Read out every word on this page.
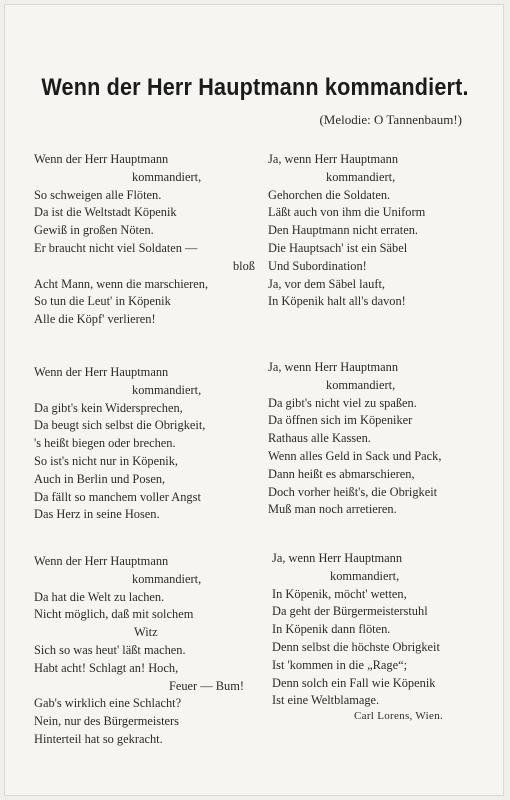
Wenn der Herr Hauptmann kommandiert.
(Melodie: O Tannenbaum!)
Wenn der Herr Hauptmann
kommandiert,
So schweigen alle Flöten.
Da ist die Weltstadt Köpenik
Gewiß in großen Nöten.
Er braucht nicht viel Soldaten —
bloß
Acht Mann, wenn die marschieren,
So tun die Leut' in Köpenik
Alle die Köpf' verlieren!
Ja, wenn Herr Hauptmann
kommandiert,
Gehorchen die Soldaten.
Läßt auch von ihm die Uniform
Den Hauptmann nicht erraten.
Die Hauptsach' ist ein Säbel
Und Subordination!
Ja, vor dem Säbel lauft,
In Köpenik halt all's davon!
Wenn der Herr Hauptmann
kommandiert,
Da gibt's kein Widersprechen,
Da beugt sich selbst die Obrigkeit,
's heißt biegen oder brechen.
So ist's nicht nur in Köpenik,
Auch in Berlin und Posen,
Da fällt so manchem voller Angst
Das Herz in seine Hosen.
Ja, wenn Herr Hauptmann
kommandiert,
Da gibt's nicht viel zu spaßen.
Da öffnen sich im Köpeniker
Rathaus alle Kassen.
Wenn alles Geld in Sack und Pack,
Dann heißt es abmarschieren,
Doch vorher heißt's, die Obrigkeit
Muß man noch arretieren.
Wenn der Herr Hauptmann
kommandiert,
Da hat die Welt zu lachen.
Nicht möglich, daß mit solchem
Witz
Sich so was heut' läßt machen.
Habt acht! Schlagt an! Hoch,
Feuer — Bum!
Gab's wirklich eine Schlacht?
Nein, nur des Bürgermeisters
Hinterteil hat so gekracht.
Ja, wenn Herr Hauptmann
kommandiert,
In Köpenik, möcht' wetten,
Da geht der Bürgermeisterstuhl
In Köpenik dann flöten.
Denn selbst die höchste Obrigkeit
Ist 'kommen in die „Rage“;
Denn solch ein Fall wie Köpenik
Ist eine Weltblamage.
Carl Lorens, Wien.
